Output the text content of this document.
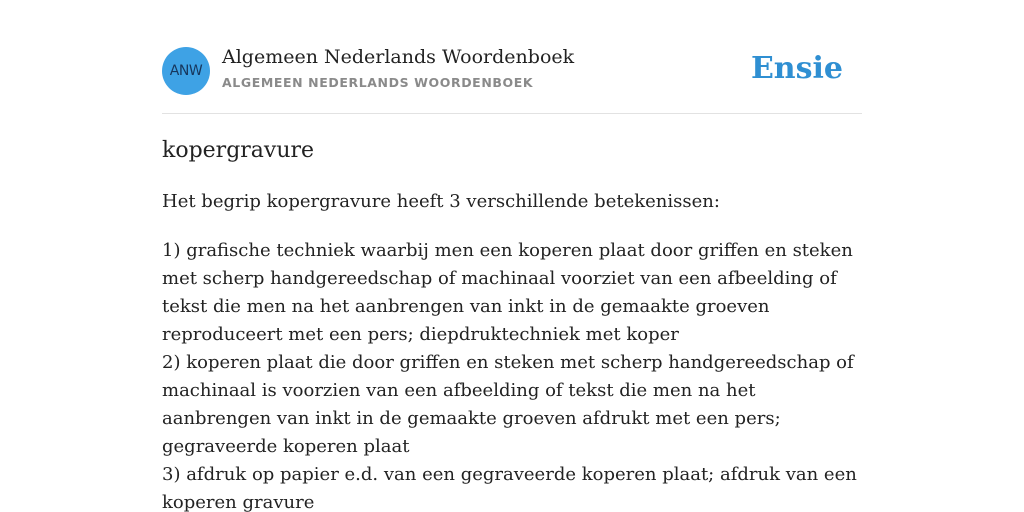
ANW
Algemeen Nederlands Woordenboek
ALGEMEEN NEDERLANDS WOORDENBOEK	Ensie
kopergravure
Het begrip kopergravure heeft 3 verschillende betekenissen:

1) grafische techniek waarbij men een koperen plaat door griffen en steken met scherp handgereedschap of machinaal voorziet van een afbeelding of tekst die men na het aanbrengen van inkt in de gemaakte groeven reproduceert met een pers; diepdruktechniek met koper

2) koperen plaat die door griffen en steken met scherp handgereedschap of machinaal is voorzien van een afbeelding of tekst die men na het aanbrengen van inkt in de gemaakte groeven afdrukt met een pers; gegraveerde koperen plaat

3) afdruk op papier e.d. van een gegraveerde koperen plaat; afdruk van een koperen gravure
